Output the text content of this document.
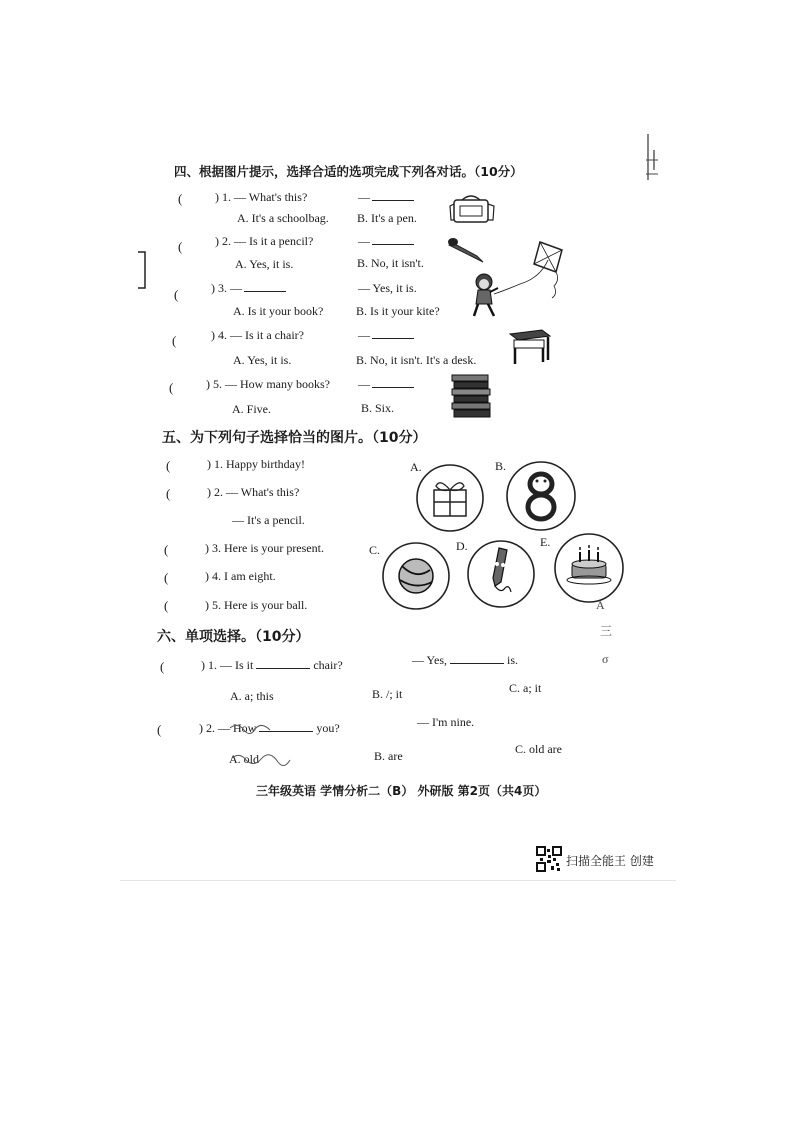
四、根据图片提示，选择合适的选项完成下列各对话。（10分）
(	) 1. — What's this?	—
A. It's a schoolbag. B. It's a pen.
(	) 2. — Is it a pencil?	—
A. Yes, it is.	B. No, it isn't.
(	) 3. —	— Yes, it is.
A. Is it your book?	B. Is it your kite?
(	) 4. — Is it a chair?	—
A. Yes, it is.	B. No, it isn't. It's a desk.
(	) 5. — How many books? —
A. Five.	B. Six.
五、为下列句子选择恰当的图片。（10分）
(	) 1. Happy birthday!
(	) 2. — What's this?
— It's a pencil.
(	) 3. Here is your present.
(	) 4. I am eight.
(	) 5. Here is your ball.
A.	B.
C.	D.	E.
六、单项选择。（10分）
(	) 1. — Is it	chair?	— Yes,	is.
A. a; this	B. /; it	C. a; it
(	) 2. — How	you?	— I'm nine.
A. old	B. are	C. old are
A
三
σ
三年级英语 学情分析二（B） 外研版 第2页（共4页）
扫描全能王 创建
